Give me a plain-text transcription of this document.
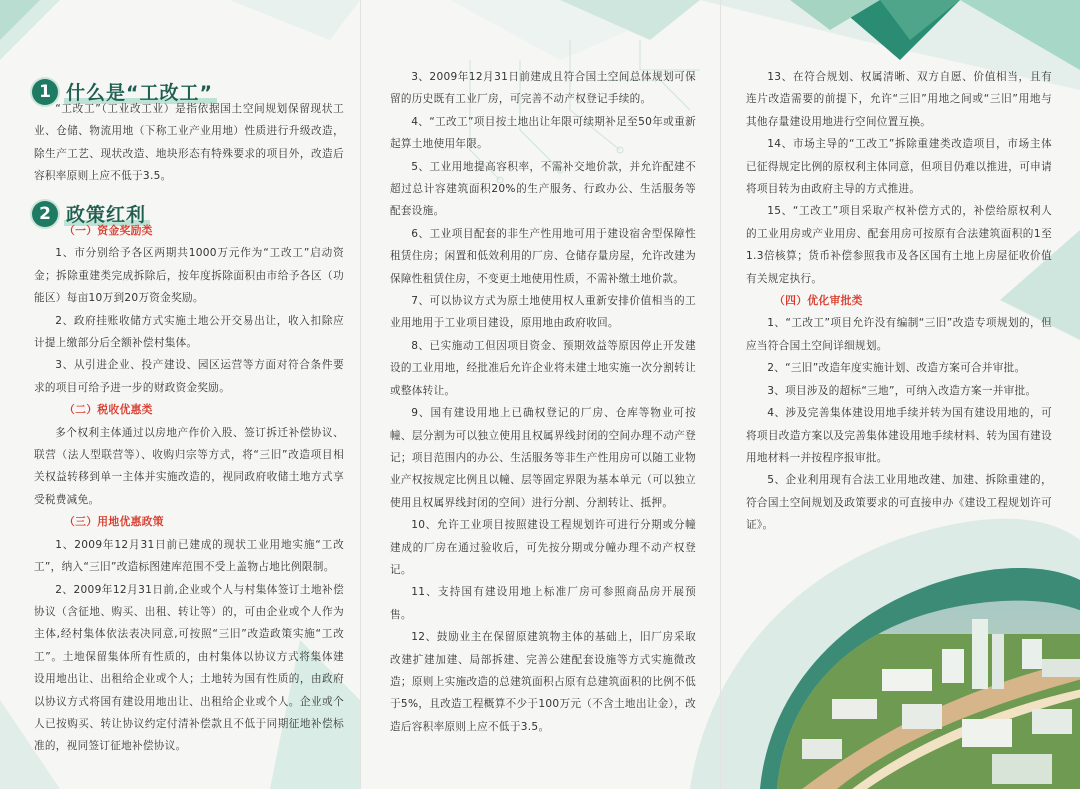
1 什么是“工改工”

“工改工”（工业改工业）是指依据国土空间规划保留现状工业、仓储、物流用地（下称工业产业用地）性质进行升级改造，除生产工艺、现状改造、地块形态有特殊要求的项目外，改造后容积率原则上应不低于3.5。

2 政策红利

（一）资金奖励类

1、市分别给予各区两期共1000万元作为“工改工”启动资金；拆除重建类完成拆除后，按年度拆除面积由市给予各区（功能区）每亩10万到20万资金奖励。

2、政府挂账收储方式实施土地公开交易出让，收入扣除应计提上缴部分后全额补偿村集体。

3、从引进企业、投产建设、园区运营等方面对符合条件要求的项目可给予进一步的财政资金奖励。

（二）税收优惠类

多个权利主体通过以房地产作价入股、签订拆迁补偿协议、联营（法人型联营等）、收购归宗等方式，将“三旧”改造项目相关权益转移到单一主体并实施改造的，视同政府收储土地方式享受税费减免。

（三）用地优惠政策

1、2009年12月31日前已建成的现状工业用地实施“工改工”，纳入“三旧”改造标图建库范围不受上盖物占地比例限制。

2、2009年12月31日前,企业或个人与村集体签订土地补偿协议（含征地、购买、出租、转让等）的，可由企业或个人作为主体,经村集体依法表决同意,可按照“三旧”改造政策实施“工改工”。土地保留集体所有性质的，由村集体以协议方式将集体建设用地出让、出租给企业或个人；土地转为国有性质的，由政府以协议方式将国有建设用地出让、出租给企业或个人。企业或个人已按购买、转让协议约定付清补偿款且不低于同期征地补偿标准的，视同签订征地补偿协议。

3、2009年12月31日前建成且符合国土空间总体规划可保留的历史既有工业厂房，可完善不动产权登记手续的。

4、“工改工”项目按土地出让年限可续期补足至50年或重新起算土地使用年限。

5、工业用地提高容积率，不需补交地价款，并允许配建不超过总计容建筑面积20%的生产服务、行政办公、生活服务等配套设施。

6、工业项目配套的非生产性用地可用于建设宿舍型保障性租赁住房；闲置和低效利用的厂房、仓储存量房屋，允许改建为保障性租赁住房，不变更土地使用性质，不需补缴土地价款。

7、可以协议方式为原土地使用权人重新安排价值相当的工业用地用于工业项目建设，原用地由政府收回。

8、已实施动工但因项目资金、预期效益等原因停止开发建设的工业用地，经批准后允许企业将未建土地实施一次分割转让或整体转让。

9、国有建设用地上已确权登记的厂房、仓库等物业可按幢、层分割为可以独立使用且权属界线封闭的空间办理不动产登记；项目范围内的办公、生活服务等非生产性用房可以随工业物业产权按规定比例且以幢、层等固定界限为基本单元（可以独立使用且权属界线封闭的空间）进行分割、分割转让、抵押。

10、允许工业项目按照建设工程规划许可进行分期或分幢建成的厂房在通过验收后，可先按分期或分幢办理不动产权登记。

11、支持国有建设用地上标准厂房可参照商品房开展预售。

12、鼓励业主在保留原建筑物主体的基础上，旧厂房采取改建扩建加建、局部拆建、完善公建配套设施等方式实施微改造；原则上实施改造的总建筑面积占原有总建筑面积的比例不低于5%，且改造工程概算不少于100万元（不含土地出让金），改造后容积率原则上应不低于3.5。

13、在符合规划、权属清晰、双方自愿、价值相当，且有连片改造需要的前提下，允许“三旧”用地之间或“三旧”用地与其他存量建设用地进行空间位置互换。

14、市场主导的“工改工”拆除重建类改造项目，市场主体已征得规定比例的原权利主体同意，但项目仍难以推进，可申请将项目转为由政府主导的方式推进。

15、“工改工”项目采取产权补偿方式的，补偿给原权利人的工业用房或产业用房、配套用房可按原有合法建筑面积的1至1.3倍核算；货币补偿参照我市及各区国有土地上房屋征收价值有关规定执行。

（四）优化审批类

1、“工改工”项目允许没有编制“三旧”改造专项规划的，但应当符合国土空间详细规划。

2、“三旧”改造年度实施计划、改造方案可合并审批。

3、项目涉及的超标“三地”，可纳入改造方案一并审批。

4、涉及完善集体建设用地手续并转为国有建设用地的，可将项目改造方案以及完善集体建设用地手续材料、转为国有建设用地材料一并按程序报审批。

5、企业利用现有合法工业用地改建、加建、拆除重建的，符合国土空间规划及政策要求的可直接申办《建设工程规划许可证》。
